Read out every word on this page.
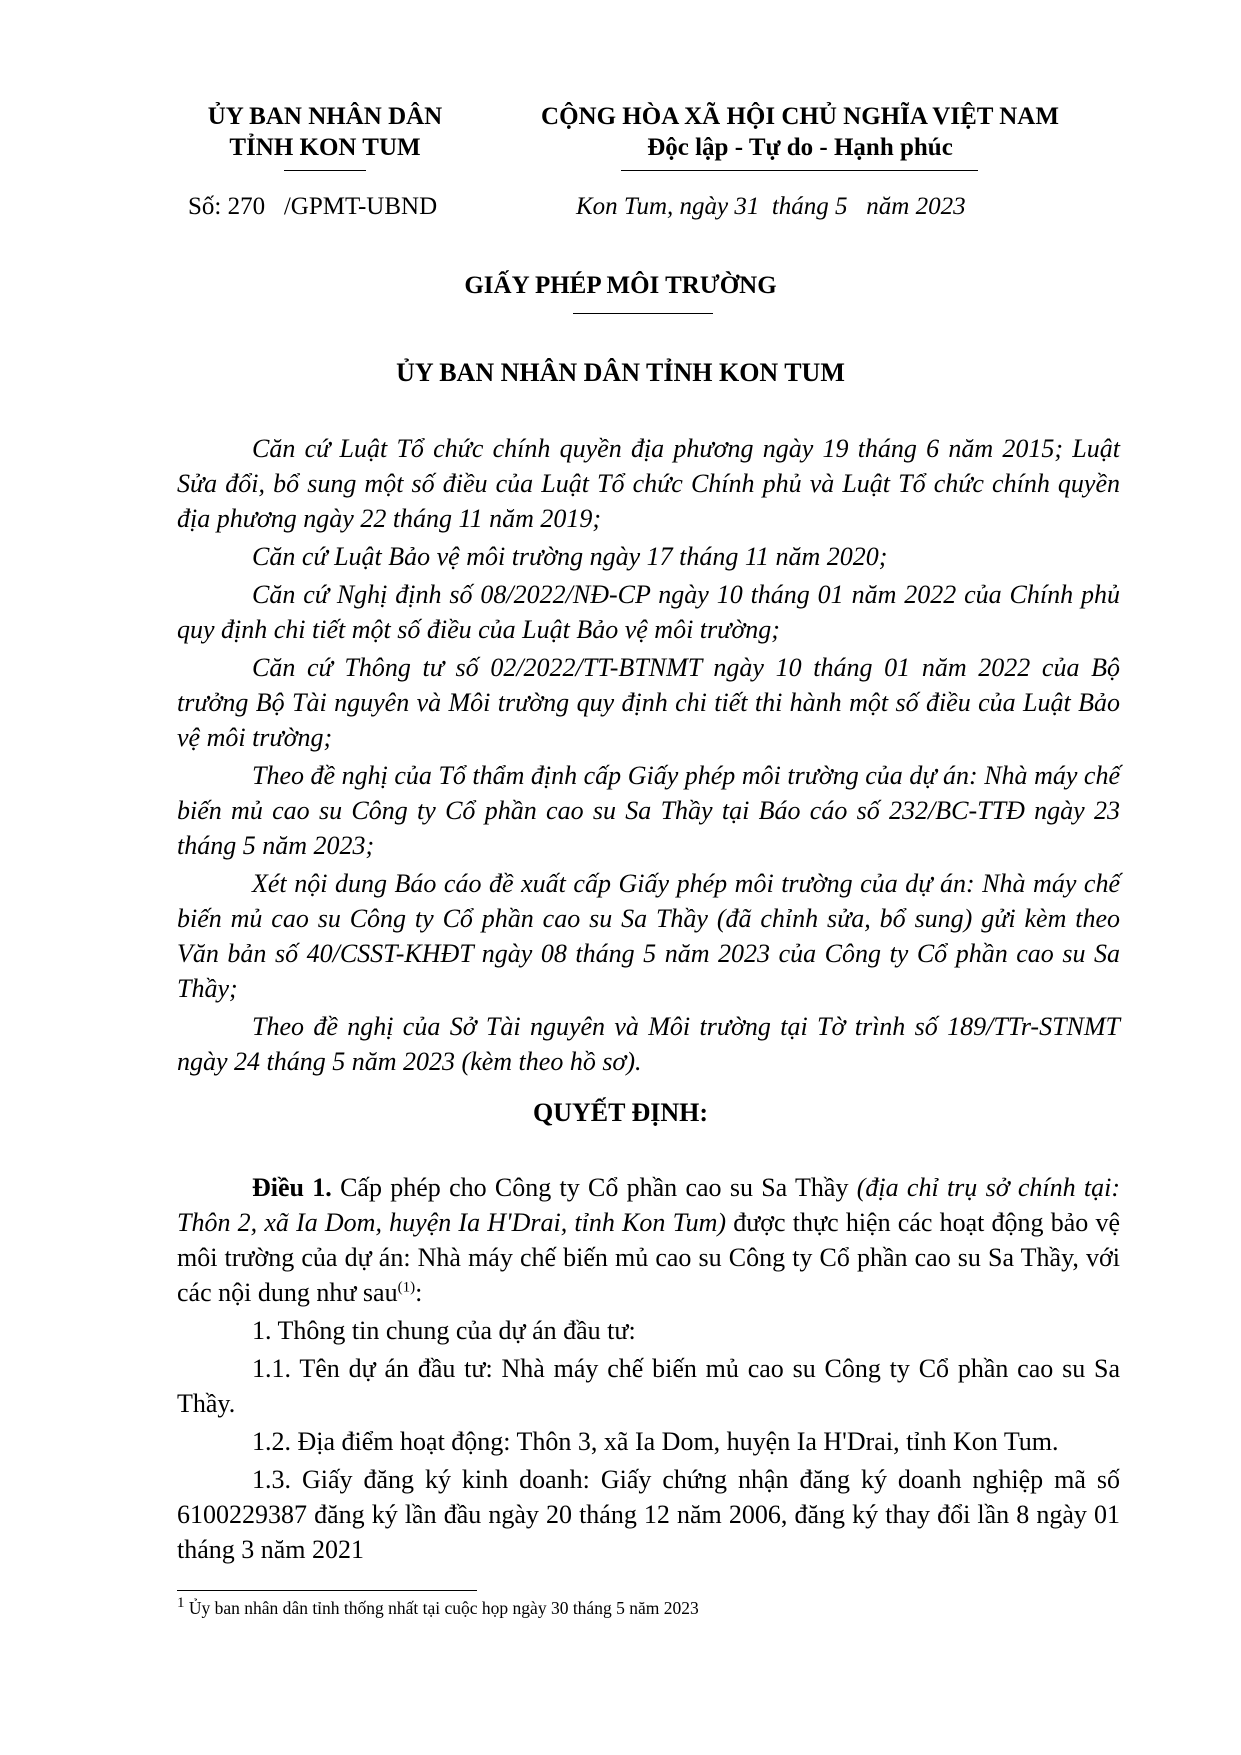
ỦY BAN NHÂN DÂN
TỈNH KON TUM
CỘNG HÒA XÃ HỘI CHỦ NGHĨA VIỆT NAM
Độc lập - Tự do - Hạnh phúc
Số: 270   /GPMT-UBND	Kon Tum, ngày 31  tháng 5   năm 2023
GIẤY PHÉP MÔI TRƯỜNG
ỦY BAN NHÂN DÂN TỈNH KON TUM

Căn cứ Luật Tổ chức chính quyền địa phương ngày 19 tháng 6 năm 2015; Luật Sửa đổi, bổ sung một số điều của Luật Tổ chức Chính phủ và Luật Tổ chức chính quyền địa phương ngày 22 tháng 11 năm 2019;

Căn cứ Luật Bảo vệ môi trường ngày 17 tháng 11 năm 2020;

Căn cứ Nghị định số 08/2022/NĐ-CP ngày 10 tháng 01 năm 2022 của Chính phủ quy định chi tiết một số điều của Luật Bảo vệ môi trường;

Căn cứ Thông tư số 02/2022/TT-BTNMT ngày 10 tháng 01 năm 2022 của Bộ trưởng Bộ Tài nguyên và Môi trường quy định chi tiết thi hành một số điều của Luật Bảo vệ môi trường;

Theo đề nghị của Tổ thẩm định cấp Giấy phép môi trường của dự án: Nhà máy chế biến mủ cao su Công ty Cổ phần cao su Sa Thầy tại Báo cáo số 232/BC-TTĐ ngày 23 tháng 5 năm 2023;

Xét nội dung Báo cáo đề xuất cấp Giấy phép môi trường của dự án: Nhà máy chế biến mủ cao su Công ty Cổ phần cao su Sa Thầy (đã chỉnh sửa, bổ sung) gửi kèm theo Văn bản số 40/CSST-KHĐT ngày 08 tháng 5 năm 2023 của Công ty Cổ phần cao su Sa Thầy;

Theo đề nghị của Sở Tài nguyên và Môi trường tại Tờ trình số 189/TTr-STNMT ngày 24 tháng 5 năm 2023 (kèm theo hồ sơ).

QUYẾT ĐỊNH:

Điều 1. Cấp phép cho Công ty Cổ phần cao su Sa Thầy (địa chỉ trụ sở chính tại: Thôn 2, xã Ia Dom, huyện Ia H'Drai, tỉnh Kon Tum) được thực hiện các hoạt động bảo vệ môi trường của dự án: Nhà máy chế biến mủ cao su Công ty Cổ phần cao su Sa Thầy, với các nội dung như sau$^{(1)}$:

1. Thông tin chung của dự án đầu tư:

1.1. Tên dự án đầu tư: Nhà máy chế biến mủ cao su Công ty Cổ phần cao su Sa Thầy.

1.2. Địa điểm hoạt động: Thôn 3, xã Ia Dom, huyện Ia H'Drai, tỉnh Kon Tum.

1.3. Giấy đăng ký kinh doanh: Giấy chứng nhận đăng ký doanh nghiệp mã số 6100229387 đăng ký lần đầu ngày 20 tháng 12 năm 2006, đăng ký thay đổi lần 8 ngày 01 tháng 3 năm 2021

$^1$ Ủy ban nhân dân tỉnh thống nhất tại cuộc họp ngày 30 tháng 5 năm 2023
